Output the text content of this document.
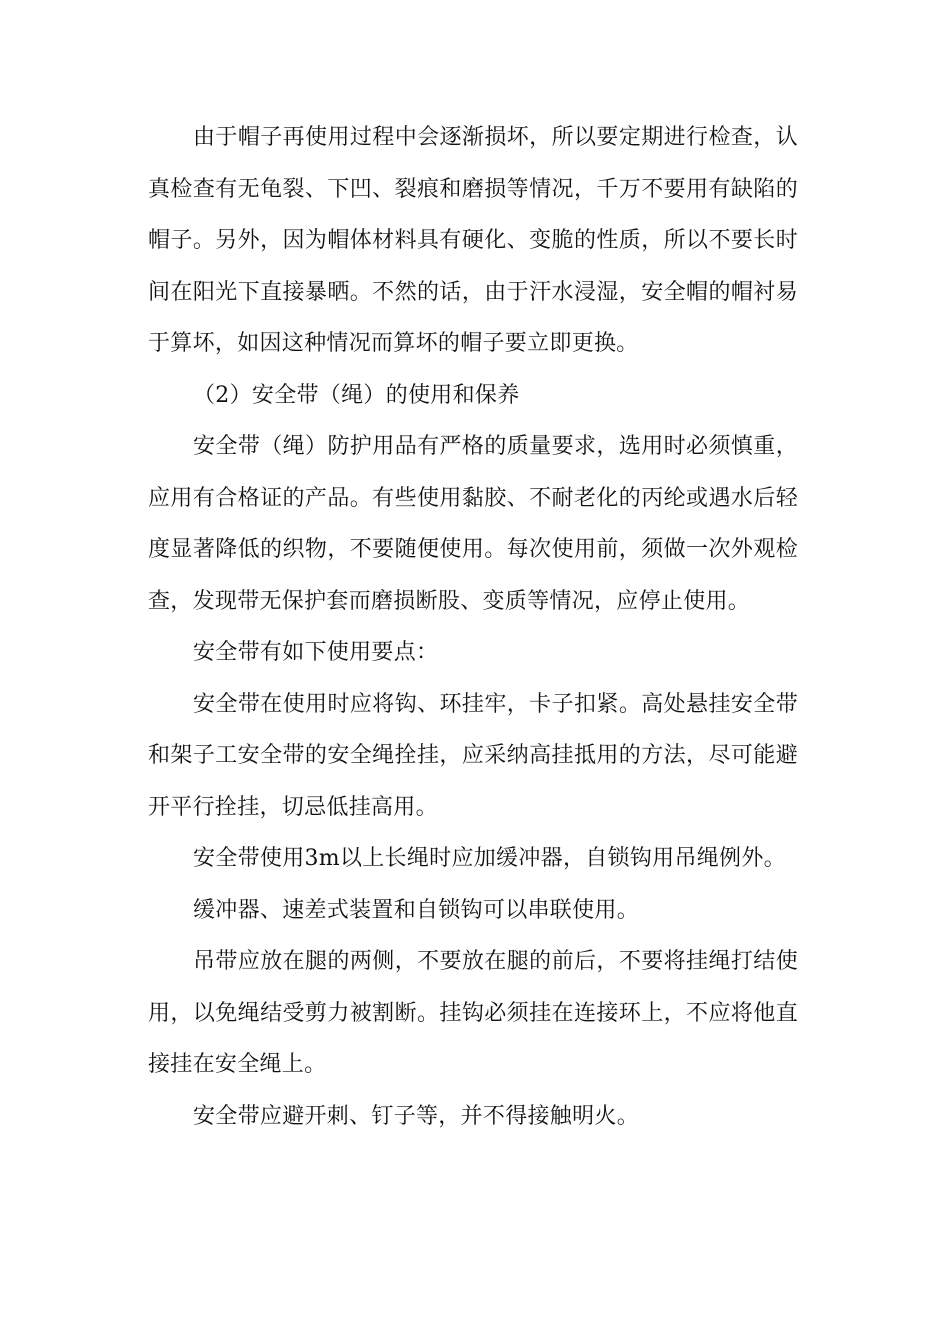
由于帽子再使用过程中会逐渐损坏，所以要定期进行检查，认真检查有无龟裂、下凹、裂痕和磨损等情况，千万不要用有缺陷的帽子。另外，因为帽体材料具有硬化、变脆的性质，所以不要长时间在阳光下直接暴晒。不然的话，由于汗水浸湿，安全帽的帽衬易于算坏，如因这种情况而算坏的帽子要立即更换。

（2）安全带（绳）的使用和保养

安全带（绳）防护用品有严格的质量要求，选用时必须慎重，应用有合格证的产品。有些使用黏胶、不耐老化的丙纶或遇水后轻度显著降低的织物，不要随便使用。每次使用前，须做一次外观检查，发现带无保护套而磨损断股、变质等情况，应停止使用。

安全带有如下使用要点：

安全带在使用时应将钩、环挂牢，卡子扣紧。高处悬挂安全带和架子工安全带的安全绳拴挂，应采纳高挂抵用的方法，尽可能避开平行拴挂，切忌低挂高用。

安全带使用3m以上长绳时应加缓冲器，自锁钩用吊绳例外。

缓冲器、速差式装置和自锁钩可以串联使用。

吊带应放在腿的两侧，不要放在腿的前后，不要将挂绳打结使用，以免绳结受剪力被割断。挂钩必须挂在连接环上，不应将他直接挂在安全绳上。

安全带应避开刺、钉子等，并不得接触明火。
